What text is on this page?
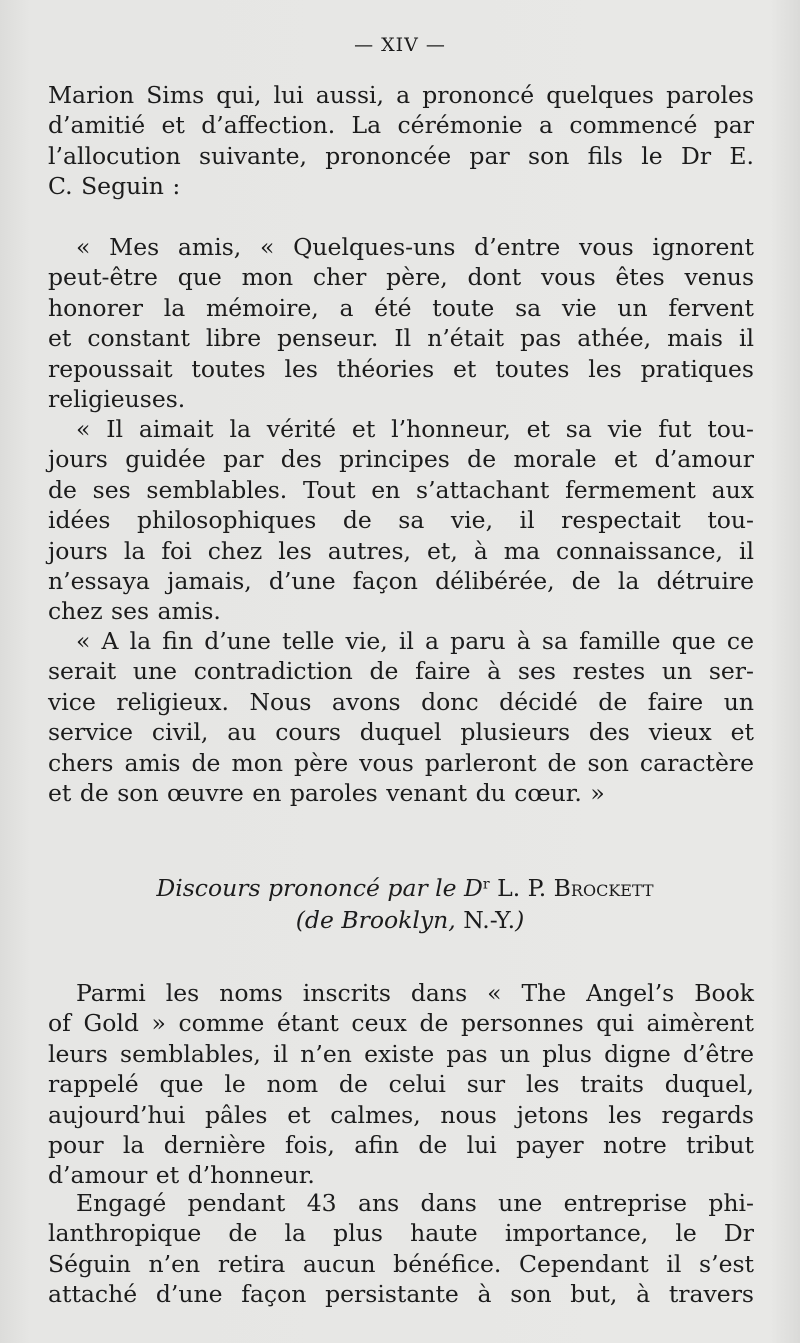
— XIV —
Marion Sims qui, lui aussi, a prononcé quelques paroles
d’amitié et d’affection. La cérémonie a commencé par
l’allocution suivante, prononcée par son fils le Dr E.
C. Seguin :
« Mes amis, « Quelques-uns d’entre vous ignorent
peut-être que mon cher père, dont vous êtes venus
honorer la mémoire, a été toute sa vie un fervent
et constant libre penseur. Il n’était pas athée, mais il
repoussait toutes les théories et toutes les pratiques
religieuses.
« Il aimait la vérité et l’honneur, et sa vie fut tou-
jours guidée par des principes de morale et d’amour
de ses semblables. Tout en s’attachant fermement aux
idées philosophiques de sa vie, il respectait tou-
jours la foi chez les autres, et, à ma connaissance, il
n’essaya jamais, d’une façon délibérée, de la détruire
chez ses amis.
« A la fin d’une telle vie, il a paru à sa famille que ce
serait une contradiction de faire à ses restes un ser-
vice religieux. Nous avons donc décidé de faire un
service civil, au cours duquel plusieurs des vieux et
chers amis de mon père vous parleront de son caractère
et de son œuvre en paroles venant du cœur. »
Discours prononcé par le $D^r$ L. P. Brockett
(de Brooklyn, N.-Y.)
Parmi les noms inscrits dans « The Angel’s Book
of Gold » comme étant ceux de personnes qui aimèrent
leurs semblables, il n’en existe pas un plus digne d’être
rappelé que le nom de celui sur les traits duquel,
aujourd’hui pâles et calmes, nous jetons les regards
pour la dernière fois, afin de lui payer notre tribut
d’amour et d’honneur.
Engagé pendant 43 ans dans une entreprise phi-
lanthropique de la plus haute importance, le Dr
Séguin n’en retira aucun bénéfice. Cependant il s’est
attaché d’une façon persistante à son but, à travers
